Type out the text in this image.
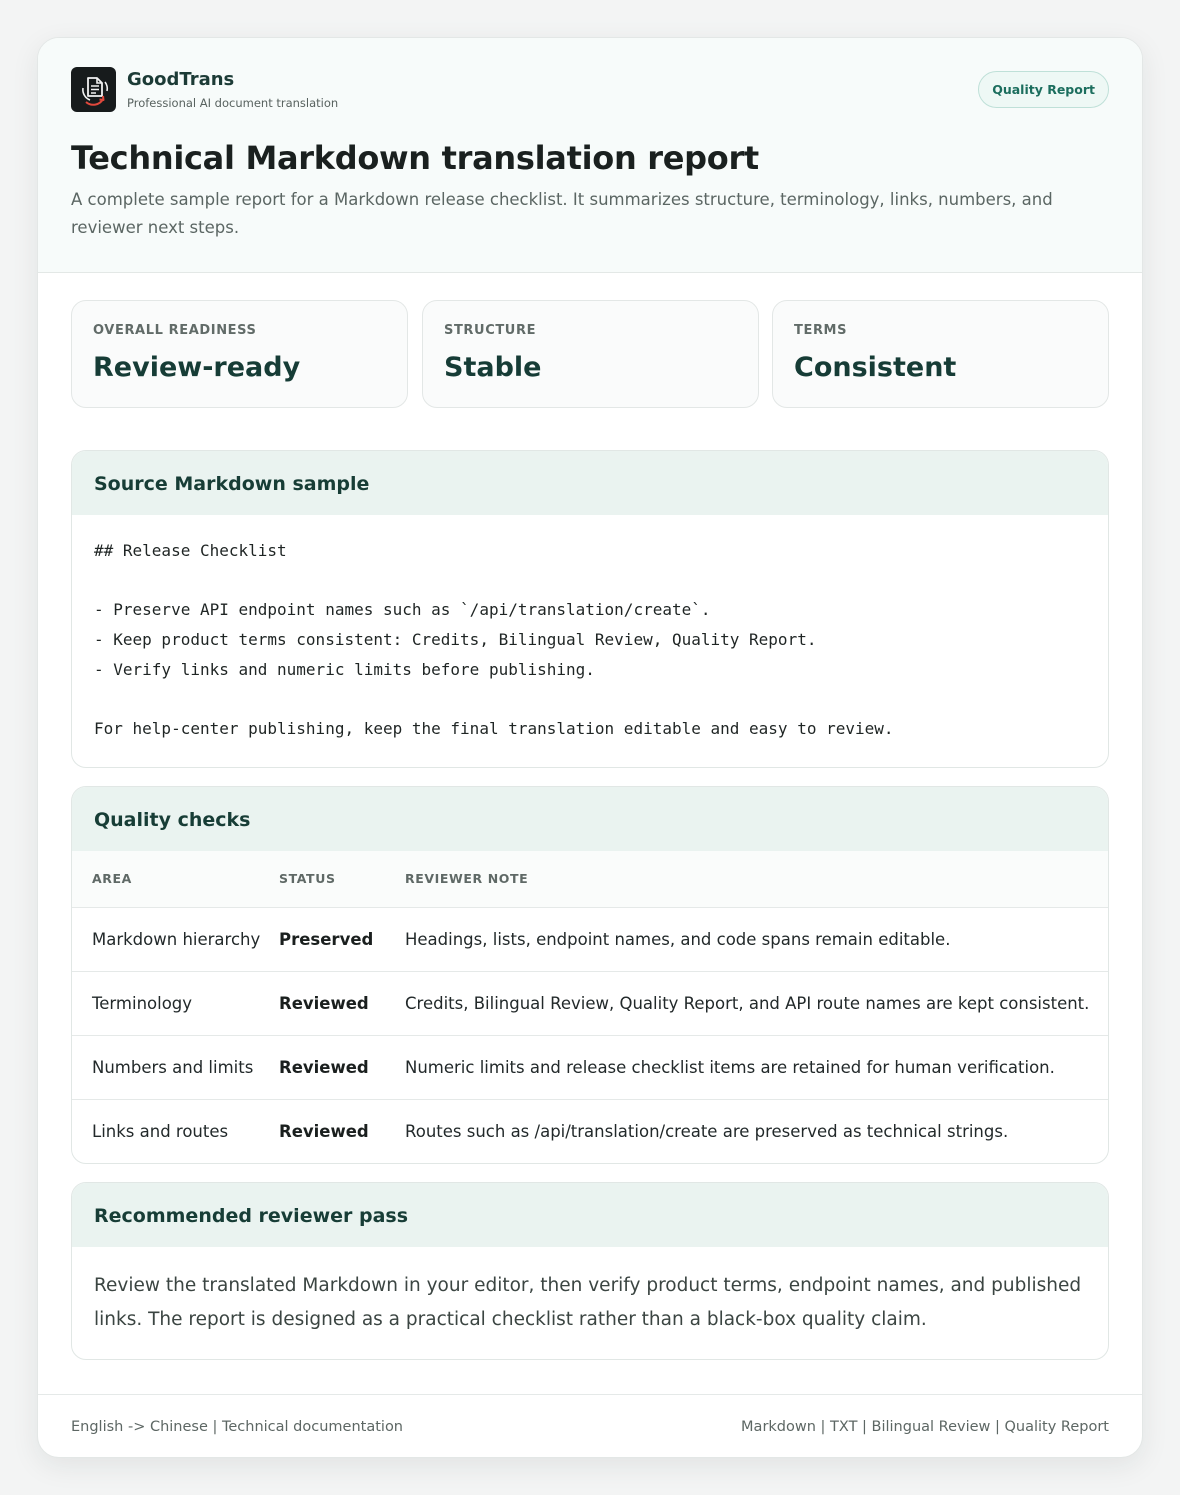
GoodTrans
Professional AI document translation
Quality Report
Technical Markdown translation report

A complete sample report for a Markdown release checklist. It summarizes structure, terminology, links, numbers, and reviewer next steps.

OVERALL READINESS
Review-ready
STRUCTURE
Stable
TERMS
Consistent
Source Markdown sample
## Release Checklist
- Preserve API endpoint names such as `/api/translation/create`.
- Keep product terms consistent: Credits, Bilingual Review, Quality Report.
- Verify links and numeric limits before publishing.
For help-center publishing, keep the final translation editable and easy to review.
Quality checks
AREA	STATUS	REVIEWER NOTE
Markdown hierarchy	Preserved	Headings, lists, endpoint names, and code spans remain editable.
Terminology	Reviewed	Credits, Bilingual Review, Quality Report, and API route names are kept consistent.
Numbers and limits	Reviewed	Numeric limits and release checklist items are retained for human verification.
Links and routes	Reviewed	Routes such as /api/translation/create are preserved as technical strings.
Recommended reviewer pass

Review the translated Markdown in your editor, then verify product terms, endpoint names, and published links. The report is designed as a practical checklist rather than a black-box quality claim.

English -> Chinese | Technical documentation	Markdown | TXT | Bilingual Review | Quality Report
